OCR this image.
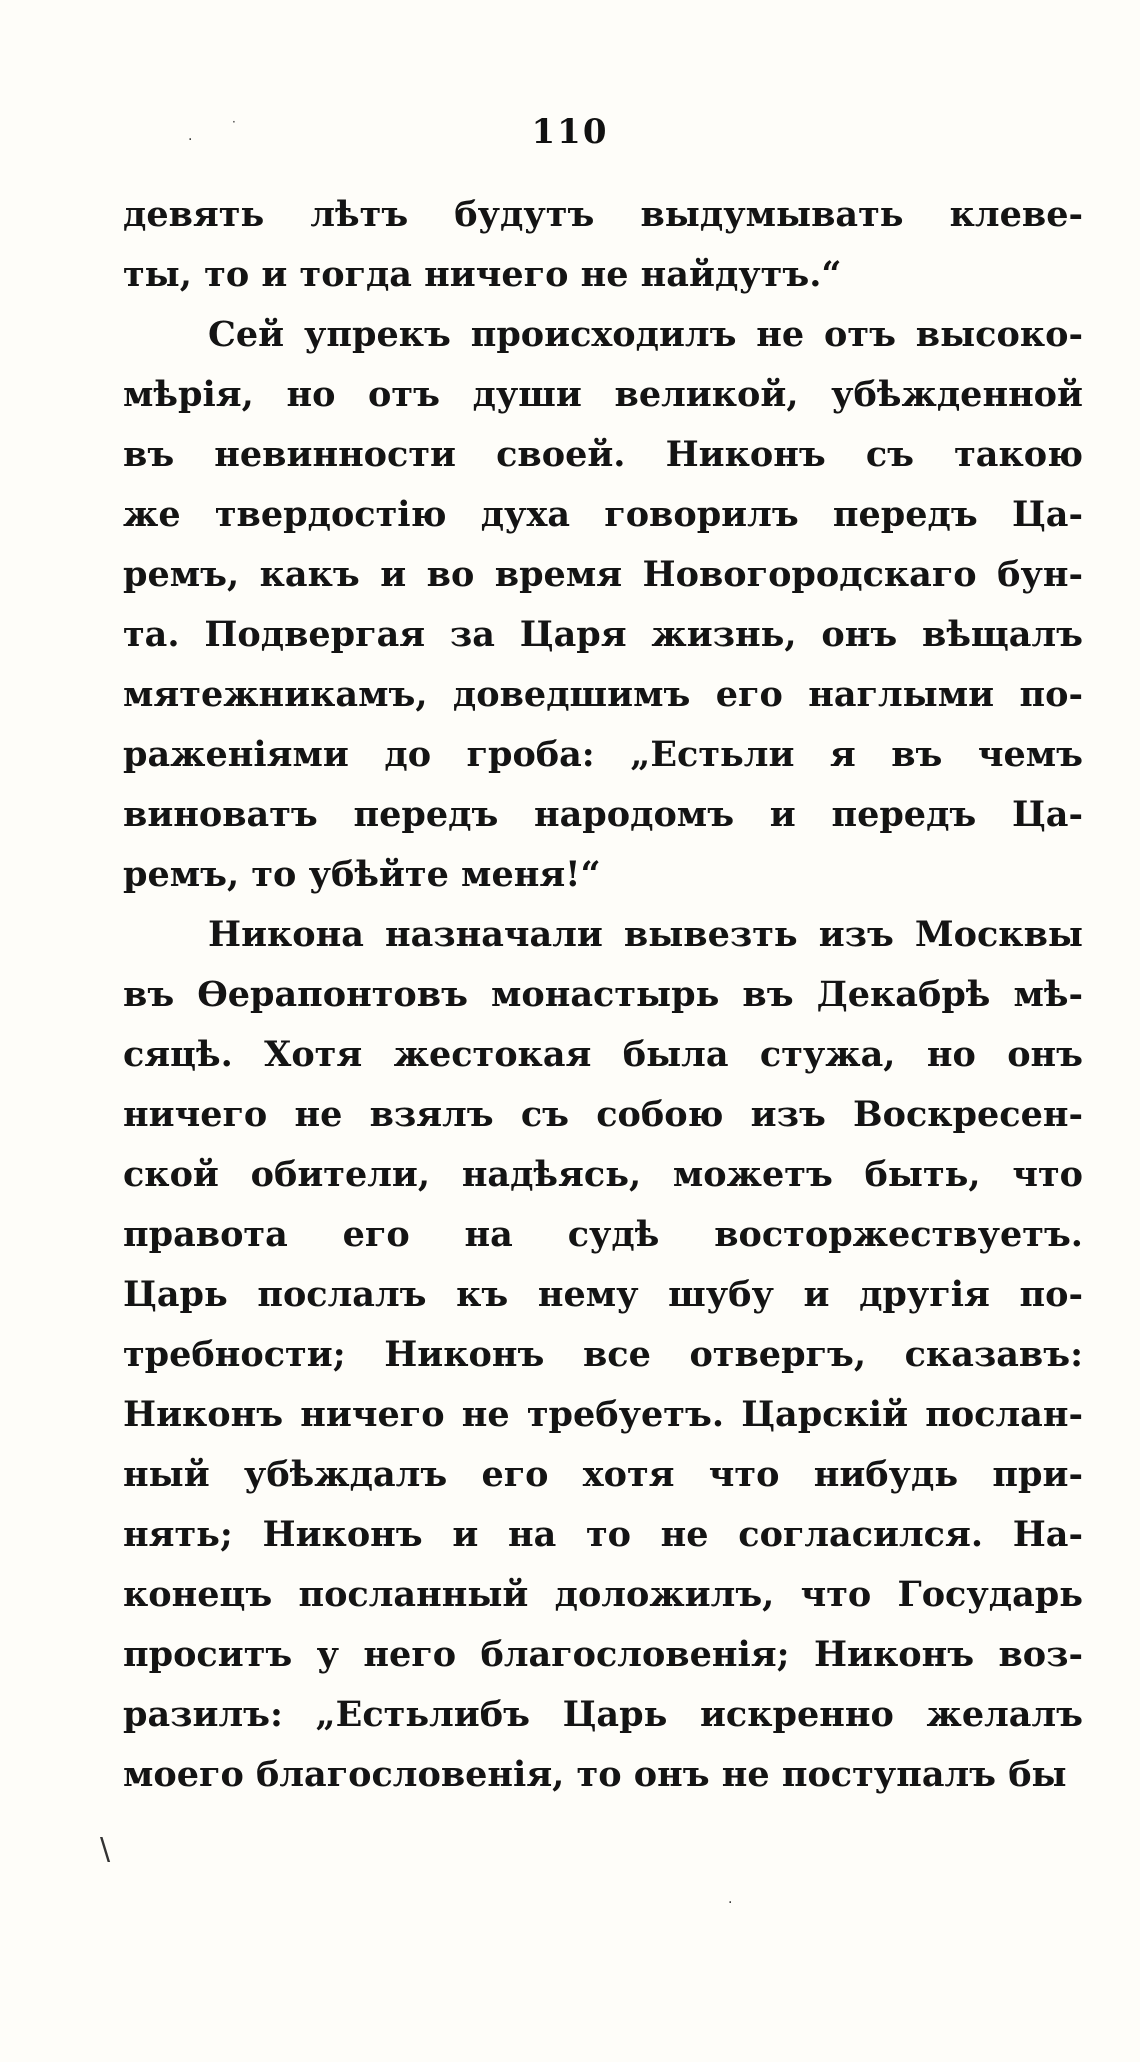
·
·
·
110
девять лѣтъ будутъ выдумывать клеве-
ты, то и тогда ничего не найдутъ.“
Сей упрекъ происходилъ не отъ высоко-
мѣрія, но отъ души великой, убѣжденной
въ невинности своей. Никонъ съ такою
же твердостію духа говорилъ передъ Ца-
ремъ, какъ и во время Новогородскаго бун-
та. Подвергая за Царя жизнь, онъ вѣщалъ
мятежникамъ, доведшимъ его наглыми по-
раженіями до гроба: „Естьли я въ чемъ
виноватъ передъ народомъ и передъ Ца-
ремъ, то убѣйте меня!“
Никона назначали вывезть изъ Москвы
въ Ѳерапонтовъ монастырь въ Декабрѣ мѣ-
сяцѣ. Хотя жестокая была стужа, но онъ
ничего не взялъ съ собою изъ Воскресен-
ской обители, надѣясь, можетъ быть, что
правота его на судѣ восторжествуетъ.
Царь послалъ къ нему шубу и другія по-
требности; Никонъ все отвергъ, сказавъ:
Никонъ ничего не требуетъ. Царскій послан-
ный убѣждалъ его хотя что нибудь при-
нять; Никонъ и на то не согласился. На-
конецъ посланный доложилъ, что Государь
проситъ у него благословенія; Никонъ воз-
разилъ: „Естьлибъ Царь искренно желалъ
моего благословенія, то онъ не поступалъ бы
\
